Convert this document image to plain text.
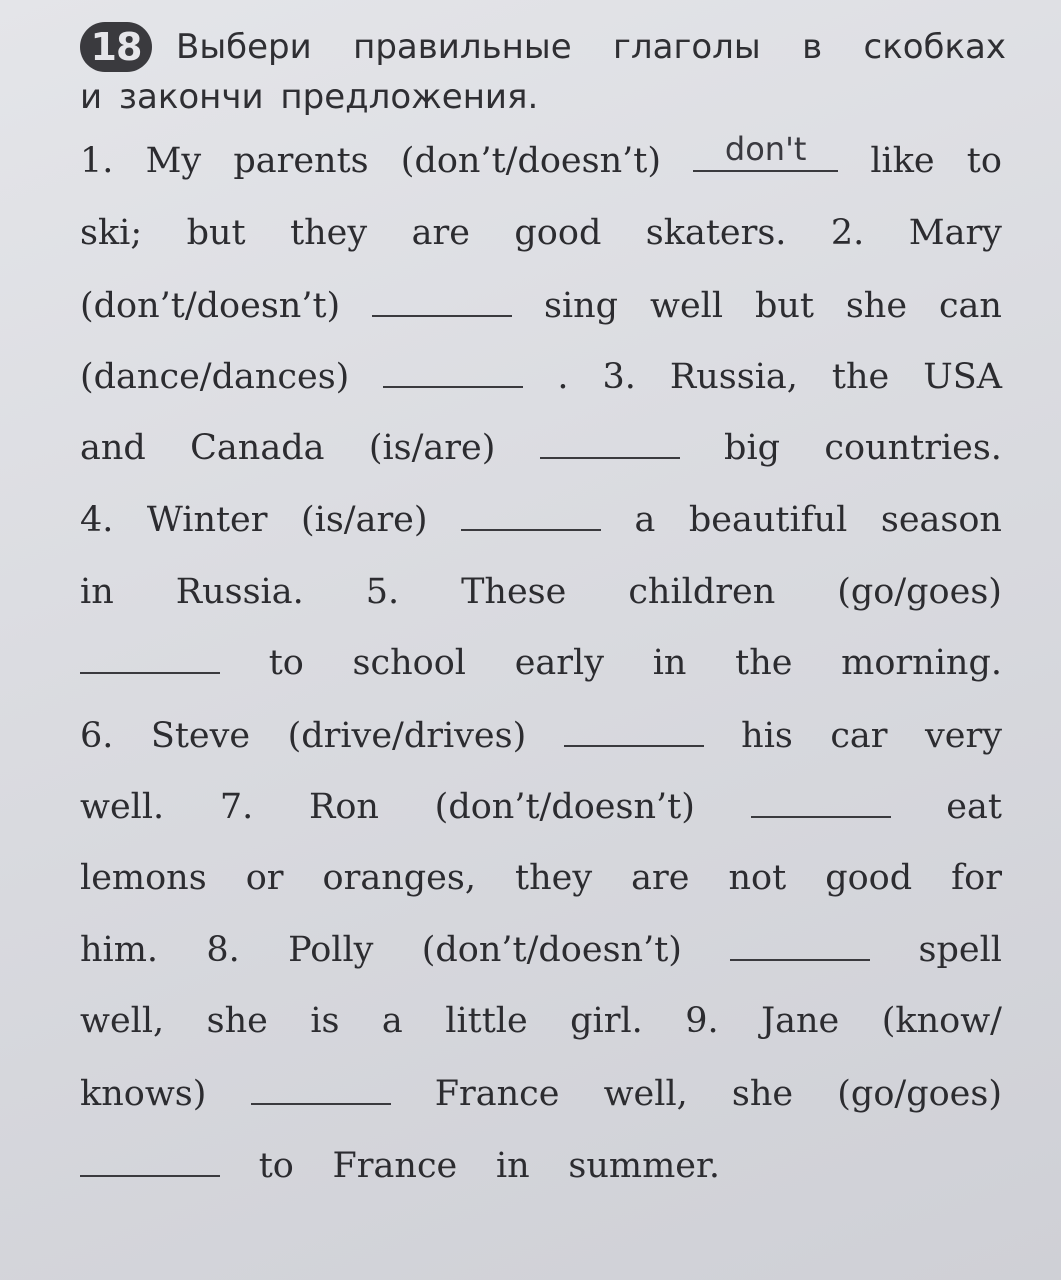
18	Выбери правильные глаголы в скобках
и закончи предложения.
1. My parents (don’t/doesn’t)	don't	like to
ski; but they are good skaters. 2. Mary
(don’t/doesn’t)	sing well but she can
(dance/dances)	. 3. Russia, the USA
and Canada (is/are)	big countries.
4. Winter (is/are)	a beautiful season
in Russia. 5. These children (go/goes)
to school early in the morning.
6. Steve (drive/drives)	his car very
well. 7. Ron (don’t/doesn’t)	eat
lemons or oranges, they are not good for
him. 8. Polly (don’t/doesn’t)	spell
well, she is a little girl. 9. Jane (know/
knows)	France well, she (go/goes)
to France in summer.
